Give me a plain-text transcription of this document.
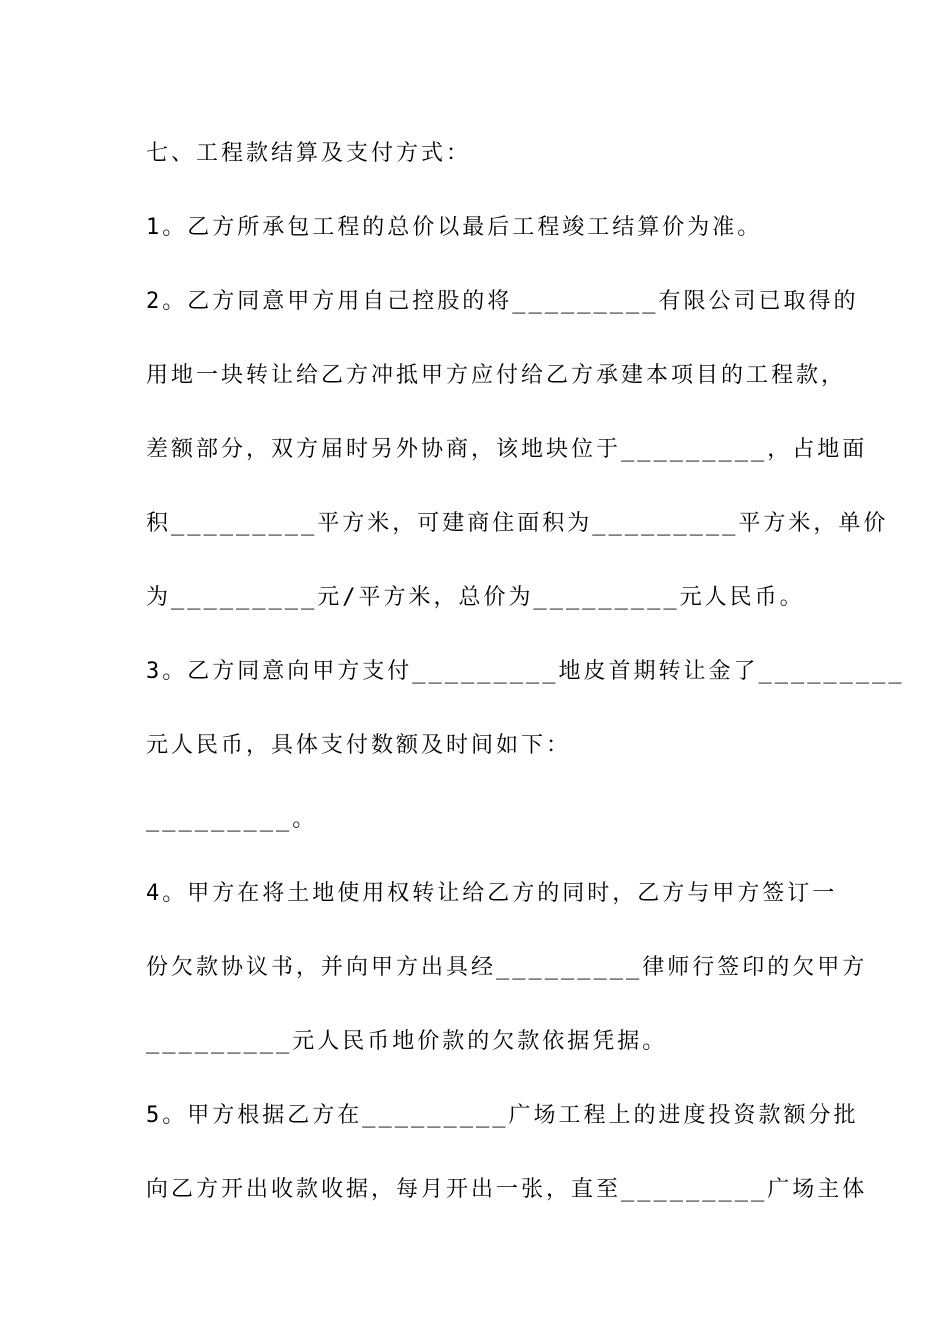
七、工程款结算及支付方式：
1。乙方所承包工程的总价以最后工程竣工结算价为准。
2。乙方同意甲方用自己控股的将_________有限公司已取得的
用地一块转让给乙方冲抵甲方应付给乙方承建本项目的工程款，
差额部分，双方届时另外协商，该地块位于_________，占地面
积_________平方米，可建商住面积为_________平方米，单价
为_________元/平方米，总价为_________元人民币。
3。乙方同意向甲方支付_________地皮首期转让金了_________
元人民币，具体支付数额及时间如下：
_________。
4。甲方在将土地使用权转让给乙方的同时，乙方与甲方签订一
份欠款协议书，并向甲方出具经_________律师行签印的欠甲方
_________元人民币地价款的欠款依据凭据。
5。甲方根据乙方在_________广场工程上的进度投资款额分批
向乙方开出收款收据，每月开出一张，直至_________广场主体
